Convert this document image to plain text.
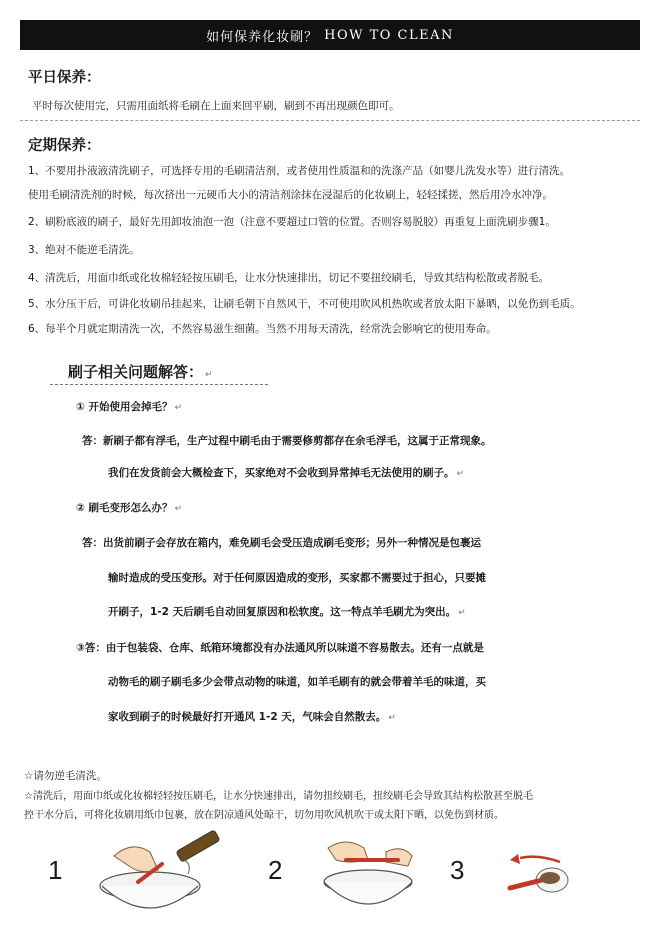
如何保养化妆刷？ HOW TO CLEAN
平日保养：
平时每次使用完，只需用面纸将毛刷在上面来回平刷，刷到不再出现颜色即可。
定期保养：
1、不要用扑液液清洗刷子，可选择专用的毛刷清洁剂，或者使用性质温和的洗涤产品（如婴儿洗发水等）进行清洗。
使用毛刷清洗剂的时候，每次挤出一元硬币大小的清洁剂涂抹在浸湿后的化妆刷上，轻轻揉搓，然后用冷水冲净。
2、刷粉底液的刷子，最好先用卸妆油泡一泡（注意不要超过口管的位置。否则容易脱胶）再重复上面洗刷步骤1。
3、绝对不能逆毛清洗。
4、清洗后，用面巾纸或化妆棉轻轻按压刷毛，让水分快速排出，切记不要扭绞刷毛，导致其结构松散或者脱毛。
5、水分压干后，可讲化妆刷吊挂起来，让刷毛朝下自然风干，不可使用吹风机热吹或者放太阳下暴晒，以免伤到毛质。
6、每半个月就定期清洗一次，不然容易滋生细菌。当然不用每天清洗，经常洗会影响它的使用寿命。
刷子相关问题解答： ↵
① 开始使用会掉毛？ ↵
答：新刷子都有浮毛，生产过程中刷毛由于需要修剪都存在余毛浮毛，这属于正常现象。
我们在发货前会大概检查下，买家绝对不会收到异常掉毛无法使用的刷子。 ↵
② 刷毛变形怎么办？ ↵
答：出货前刷子会存放在箱内，难免刷毛会受压造成刷毛变形；另外一种情况是包裹运
输时造成的受压变形。对于任何原因造成的变形，买家都不需要过于担心，只要摊
开刷子，1-2 天后刷毛自动回复原因和松软度。这一特点羊毛刷尤为突出。 ↵
③答：由于包装袋、仓库、纸箱环境都没有办法通风所以味道不容易散去。还有一点就是
动物毛的刷子刷毛多少会带点动物的味道，如羊毛刷有的就会带着羊毛的味道，买
家收到刷子的时候最好打开通风 1-2 天，气味会自然散去。 ↵
☆请勿逆毛清洗。
☆清洗后，用面巾纸或化妆棉轻轻按压刷毛，让水分快速排出，请勿扭绞刷毛，扭绞刷毛会导致其结构松散甚至脱毛
控干水分后，可将化妆刷用纸巾包裹，放在阴凉通风处晾干，切勿用吹风机吹干或太阳下晒，以免伤到材质。
1	2	3
